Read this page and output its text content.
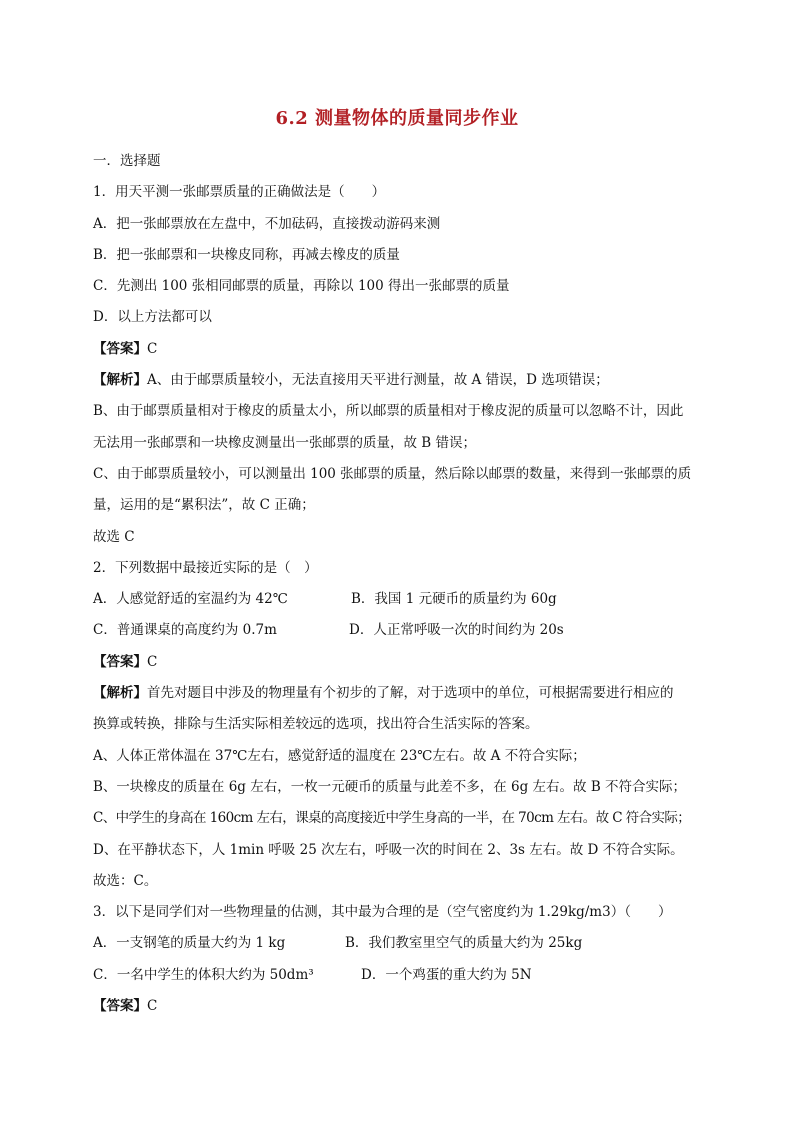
6.2 测量物体的质量同步作业
一．选择题
1．用天平测一张邮票质量的正确做法是（　　）
A．把一张邮票放在左盘中，不加砝码，直接拨动游码来测
B．把一张邮票和一块橡皮同称，再减去橡皮的质量
C．先测出 100 张相同邮票的质量，再除以 100 得出一张邮票的质量
D．以上方法都可以
【答案】C
【解析】A、由于邮票质量较小，无法直接用天平进行测量，故 A 错误，D 选项错误；
B、由于邮票质量相对于橡皮的质量太小，所以邮票的质量相对于橡皮泥的质量可以忽略不计，因此
无法用一张邮票和一块橡皮测量出一张邮票的质量，故 B 错误；
C、由于邮票质量较小，可以测量出 100 张邮票的质量，然后除以邮票的数量，来得到一张邮票的质
量，运用的是“累积法”，故 C 正确；
故选 C
2．下列数据中最接近实际的是（　）
A．人感觉舒适的室温约为 42℃	B．我国 1 元硬币的质量约为 60g
C．普通课桌的高度约为 0.7m	D．人正常呼吸一次的时间约为 20s
【答案】C
【解析】首先对题目中涉及的物理量有个初步的了解，对于选项中的单位，可根据需要进行相应的
换算或转换，排除与生活实际相差较远的选项，找出符合生活实际的答案。
A、人体正常体温在 37℃左右，感觉舒适的温度在 23℃左右。故 A 不符合实际；
B、一块橡皮的质量在 6g 左右，一枚一元硬币的质量与此差不多，在 6g 左右。故 B 不符合实际；
C、中学生的身高在 160cm 左右，课桌的高度接近中学生身高的一半，在 70cm 左右。故 C 符合实际；
D、在平静状态下，人 1min 呼吸 25 次左右，呼吸一次的时间在 2、3s 左右。故 D 不符合实际。
故选：C。
3．以下是同学们对一些物理量的估测，其中最为合理的是（空气密度约为 1.29kg/m3）（　　）
A．一支钢笔的质量大约为 1 kg	B．我们教室里空气的质量大约为 25kg
C．一名中学生的体积大约为 50dm³	D．一个鸡蛋的重大约为 5N
【答案】C
